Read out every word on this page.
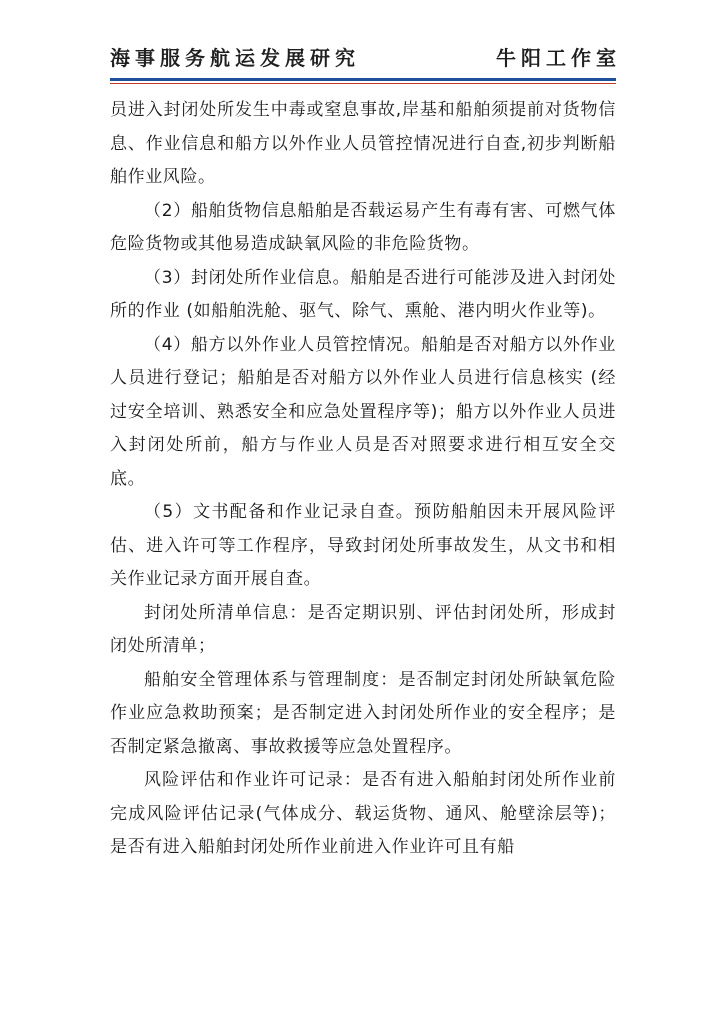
海事服务航运发展研究	牛阳工作室

员进入封闭处所发生中毒或窒息事故,岸基和船舶须提前对货物信息、作业信息和船方以外作业人员管控情况进行自查,初步判断船舶作业风险。

（2）船舶货物信息船舶是否载运易产生有毒有害、可燃气体危险货物或其他易造成缺氧风险的非危险货物。

（3）封闭处所作业信息。船舶是否进行可能涉及进入封闭处所的作业 (如船舶洗舱、驱气、除气、熏舱、港内明火作业等)。

（4）船方以外作业人员管控情况。船舶是否对船方以外作业人员进行登记；船舶是否对船方以外作业人员进行信息核实 (经过安全培训、熟悉安全和应急处置程序等)；船方以外作业人员进入封闭处所前，船方与作业人员是否对照要求进行相互安全交底。

（5）文书配备和作业记录自查。预防船舶因未开展风险评估、进入许可等工作程序，导致封闭处所事故发生，从文书和相关作业记录方面开展自查。

封闭处所清单信息：是否定期识别、评估封闭处所，形成封闭处所清单；

船舶安全管理体系与管理制度：是否制定封闭处所缺氧危险作业应急救助预案；是否制定进入封闭处所作业的安全程序；是否制定紧急撤离、事故救援等应急处置程序。

风险评估和作业许可记录：是否有进入船舶封闭处所作业前完成风险评估记录(气体成分、载运货物、通风、舱壁涂层等)；是否有进入船舶封闭处所作业前进入作业许可且有船
